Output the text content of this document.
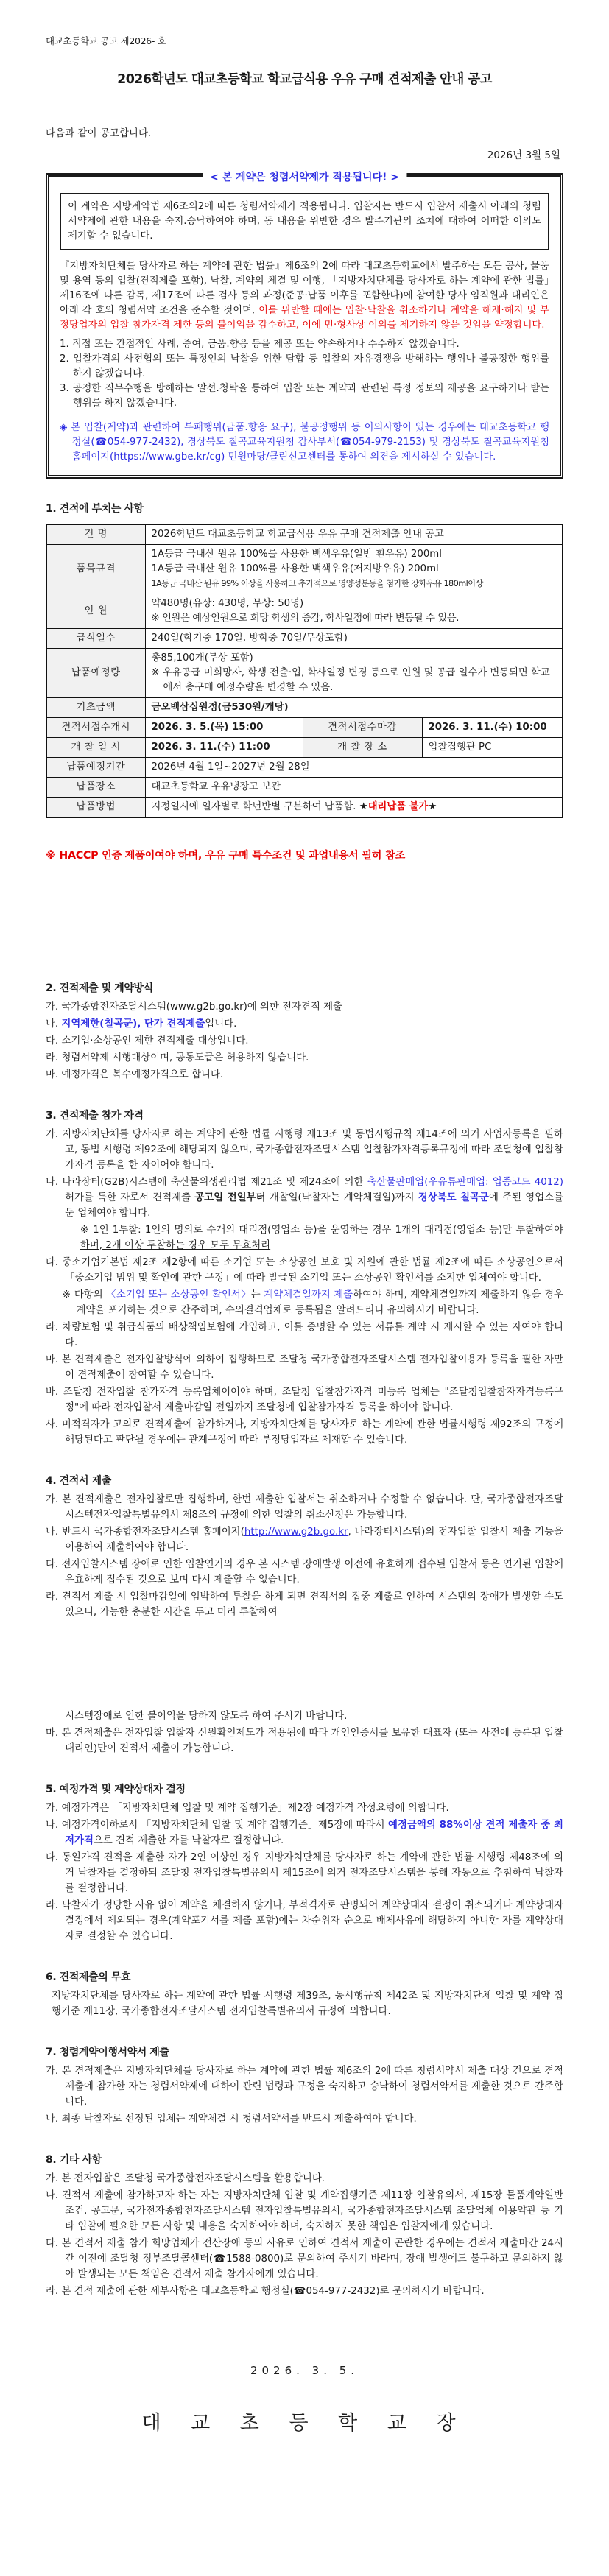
대교초등학교 공고 제2026- 호

2026학년도 대교초등학교 학교급식용 우유 구매 견적제출 안내 공고

다음과 같이 공고합니다.

2026년 3월 5일

< 본 계약은 청렴서약제가 적용됩니다! >
이 계약은 지방계약법 제6조의2에 따른 청렴서약제가 적용됩니다. 입찰자는 반드시 입찰서 제출시 아래의 청렴서약제에 관한 내용을 숙지.승낙하여야 하며, 동 내용을 위반한 경우 발주기관의 조치에 대하여 어떠한 이의도 제기할 수 없습니다.

『지방자치단체를 당사자로 하는 계약에 관한 법률』제6조의 2에 따라 대교초등학교에서 발주하는 모든 공사, 물품 및 용역 등의 입찰(견적제출 포함), 낙찰, 계약의 체결 및 이행, 「지방자치단체를 당사자로 하는 계약에 관한 법률」제16조에 따른 감독, 제17조에 따른 검사 등의 과정(준공·납품 이후를 포함한다)에 참여한 당사 임직원과 대리인은 아래 각 호의 청렴서약 조건을 준수할 것이며, 이를 위반할 때에는 입찰·낙찰을 취소하거나 계약을 해제·해지 및 부정당업자의 입찰 참가자격 제한 등의 불이익을 감수하고, 이에 민·형사상 이의를 제기하지 않을 것임을 약정합니다.

1. 직접 또는 간접적인 사례, 증여, 금품.향응 등을 제공 또는 약속하거나 수수하지 않겠습니다.

2. 입찰가격의 사전협의 또는 특정인의 낙찰을 위한 담합 등 입찰의 자유경쟁을 방해하는 행위나 불공정한 행위를 하지 않겠습니다.

3. 공정한 직무수행을 방해하는 알선.청탁을 통하여 입찰 또는 계약과 관련된 특정 정보의 제공을 요구하거나 받는 행위를 하지 않겠습니다.

◈ 본 입찰(계약)과 관련하여 부패행위(금품.향응 요구), 불공정행위 등 이의사항이 있는 경우에는 대교초등학교 행정실(☎054-977-2432), 경상북도 칠곡교육지원청 감사부서(☎054-979-2153) 및 경상북도 칠곡교육지원청 홈페이지(https://www.gbe.kr/cg) 민원마당/클린신고센터를 통하여 의견을 제시하실 수 있습니다.

1. 견적에 부치는 사항

건 명	2026학년도 대교초등학교 학교급식용 우유 구매 견적제출 안내 공고		
품목규격	1A등급 국내산 원유 100%를 사용한 백색우유(일반 흰우유) 200ml
1A등급 국내산 원유 100%를 사용한 백색우유(저지방우유) 200ml
1A등급 국내산 원유 99% 이상을 사용하고 추가적으로 영양성분등을 첨가한 강화우유 180ml이상		

인 원	약480명(유상: 430명, 무상: 50명)
※ 인원은 예상인원으로 희망 학생의 증감, 학사일정에 따라 변동될 수 있음.		

급식일수	240일(학기중 170일, 방학중 70일/무상포함)		
납품예정량	총85,100개(무상 포함)
※ 우유공급 미희망자, 학생 전출·입, 학사일정 변경 등으로 인원 및 공급 일수가 변동되면 학교에서 총구매 예정수량을 변경할 수 있음.		

기초금액	금오백삼십원정(금530원/개당)		
견적서접수개시	2026. 3. 5.(목) 15:00	견적서접수마감	2026. 3. 11.(수) 10:00
개 찰 일 시	2026. 3. 11.(수) 11:00	개 찰 장 소	입찰집행관 PC
납품예정기간	2026년 4월 1일~2027년 2월 28일		
납품장소	대교초등학교 우유냉장고 보관		
납품방법	지정일시에 일자별로 학년반별 구분하여 납품함. ★대리납품 불가★		

※ HACCP 인증 제품이여야 하며, 우유 구매 특수조건 및 과업내용서 필히 참조

2. 견적제출 및 계약방식

가. 국가종합전자조달시스템(www.g2b.go.kr)에 의한 전자견적 제출

나. 지역제한(칠곡군), 단가 견적제출입니다.

다. 소기업·소상공인 제한 견적제출 대상입니다.

라. 청렴서약제 시행대상이며, 공동도급은 허용하지 않습니다.

마. 예정가격은 복수예정가격으로 합니다.

3. 견적제출 참가 자격

가. 지방자치단체를 당사자로 하는 계약에 관한 법률 시행령 제13조 및 동법시행규칙 제14조에 의거 사업자등록을 필하고, 동법 시행령 제92조에 해당되지 않으며, 국가종합전자조달시스템 입찰참가자격등록규정에 따라 조달청에 입찰참가자격 등록을 한 자이어야 합니다.

나. 나라장터(G2B)시스템에 축산물위생관리법 제21조 및 제24조에 의한 축산물판매업(우유류판매업: 업종코드 4012) 허가를 득한 자로서 견적제출 공고일 전일부터 개찰일(낙찰자는 계약체결일)까지 경상북도 칠곡군에 주된 영업소를 둔 업체여야 합니다.

※ 1인 1투찰: 1인의 명의로 수개의 대리점(영업소 등)을 운영하는 경우 1개의 대리점(영업소 등)만 투찰하여야 하며, 2개 이상 투찰하는 경우 모두 무효처리

다. 중소기업기본법 제2조 제2항에 따른 소기업 또는 소상공인 보호 및 지원에 관한 법률 제2조에 따른 소상공인으로서 「중소기업 범위 및 확인에 관한 규정」에 따라 발급된 소기업 또는 소상공인 확인서를 소지한 업체여야 합니다.

※ 다항의 〈소기업 또는 소상공인 확인서〉는 계약체결일까지 제출하여야 하며, 계약체결일까지 제출하지 않을 경우 계약을 포기하는 것으로 간주하며, 수의결격업체로 등록됨을 알려드리니 유의하시기 바랍니다.

라. 차량보험 및 취급식품의 배상책임보험에 가입하고, 이를 증명할 수 있는 서류를 계약 시 제시할 수 있는 자여야 합니다.

마. 본 견적제출은 전자입찰방식에 의하여 집행하므로 조달청 국가종합전자조달시스템 전자입찰이용자 등록을 필한 자만이 견적제출에 참여할 수 있습니다.

바. 조달청 전자입찰 참가자격 등록업체이어야 하며, 조달청 입찰참가자격 미등록 업체는 "조달청입찰참자자격등록규정"에 따라 전자입찰서 제출마감일 전일까지 조달청에 입찰참가자격 등록을 하여야 합니다.

사. 미적격자가 고의로 견적제출에 참가하거나, 지방자치단체를 당사자로 하는 계약에 관한 법률시행령 제92조의 규정에 해당된다고 판단될 경우에는 관계규정에 따라 부정당업자로 제재할 수 있습니다.

4. 견적서 제출

가. 본 견적제출은 전자입찰로만 집행하며, 한번 제출한 입찰서는 취소하거나 수정할 수 없습니다. 단, 국가종합전자조달시스템전자입찰특별유의서 제8조의 규정에 의한 입찰의 취소신청은 가능합니다.

나. 반드시 국가종합전자조달시스템 홈페이지(http://www.g2b.go.kr, 나라장터시스템)의 전자입찰 입찰서 제출 기능을 이용하여 제출하여야 합니다.

다. 전자입찰시스템 장애로 인한 입찰연기의 경우 본 시스템 장애발생 이전에 유효하게 접수된 입찰서 등은 연기된 입찰에 유효하게 접수된 것으로 보며 다시 제출할 수 없습니다.

라. 견적서 제출 시 입찰마감일에 임박하여 투찰을 하게 되면 견적서의 집중 제출로 인하여 시스템의 장애가 발생할 수도 있으니, 가능한 충분한 시간을 두고 미리 투찰하여

시스템장애로 인한 불이익을 당하지 않도록 하여 주시기 바랍니다.

마. 본 견적제출은 전자입찰 입찰자 신원확인제도가 적용됨에 따라 개인인증서를 보유한 대표자 (또는 사전에 등록된 입찰대리인)만이 견적서 제출이 가능합니다.

5. 예정가격 및 계약상대자 결정

가. 예정가격은 「지방자치단체 입찰 및 계약 집행기준」제2장 예정가격 작성요령에 의합니다.

나. 예정가격이하로서 「지방자치단체 입찰 및 계약 집행기준」제5장에 따라서 예정금액의 88%이상 견적 제출자 중 최저가격으로 견적 제출한 자를 낙찰자로 결정합니다.

다. 동일가격 견적을 제출한 자가 2인 이상인 경우 지방자치단체를 당사자로 하는 계약에 관한 법률 시행령 제48조에 의거 낙찰자를 결정하되 조달청 전자입찰특별유의서 제15조에 의거 전자조달시스템을 통해 자동으로 추첨하여 낙찰자를 결정합니다.

라. 낙찰자가 정당한 사유 없이 계약을 체결하지 않거나, 부적격자로 판명되어 계약상대자 결정이 취소되거나 계약상대자 결정에서 제외되는 경우(계약포기서를 제출 포함)에는 차순위자 순으로 배제사유에 해당하지 아니한 자를 계약상대자로 결정할 수 있습니다.

6. 견적제출의 무효

지방자치단체를 당사자로 하는 계약에 관한 법률 시행령 제39조, 동시행규칙 제42조 및 지방자치단체 입찰 및 계약 집행기준 제11장, 국가종합전자조달시스템 전자입찰특별유의서 규정에 의합니다.

7. 청렴계약이행서약서 제출

가. 본 견적제출은 지방자치단체를 당사자로 하는 계약에 관한 법률 제6조의 2에 따른 청렴서약서 제출 대상 건으로 견적제출에 참가한 자는 청렴서약제에 대하여 관련 법령과 규정을 숙지하고 승낙하여 청렴서약서를 제출한 것으로 간주합니다.

나. 최종 낙찰자로 선정된 업체는 계약체결 시 청렴서약서를 반드시 제출하여야 합니다.

8. 기타 사항

가. 본 전자입찰은 조달청 국가종합전자조달시스템을 활용합니다.

나. 견적서 제출에 참가하고자 하는 자는 지방자치단체 입찰 및 계약집행기준 제11장 입찰유의서, 제15장 물품계약일반조건, 공고문, 국가전자종합전자조달시스템 전자입찰특별유의서, 국가종합전자조달시스템 조달업체 이용약관 등 기타 입찰에 필요한 모든 사항 및 내용을 숙지하여야 하며, 숙지하지 못한 책임은 입찰자에게 있습니다.

다. 본 견적서 제출 참가 희망업체가 전산장애 등의 사유로 인하여 견적서 제출이 곤란한 경우에는 견적서 제출마간 24시간 이전에 조달청 정부조달콜센터(☎1588-0800)로 문의하여 주시기 바라며, 장애 발생에도 불구하고 문의하지 않아 발생되는 모든 책임은 견적서 제출 참가자에게 있습니다.

라. 본 견적 제출에 관한 세부사항은 대교초등학교 행정실(☎054-977-2432)로 문의하시기 바랍니다.

2026. 3. 5.

대 교 초 등 학 교 장
